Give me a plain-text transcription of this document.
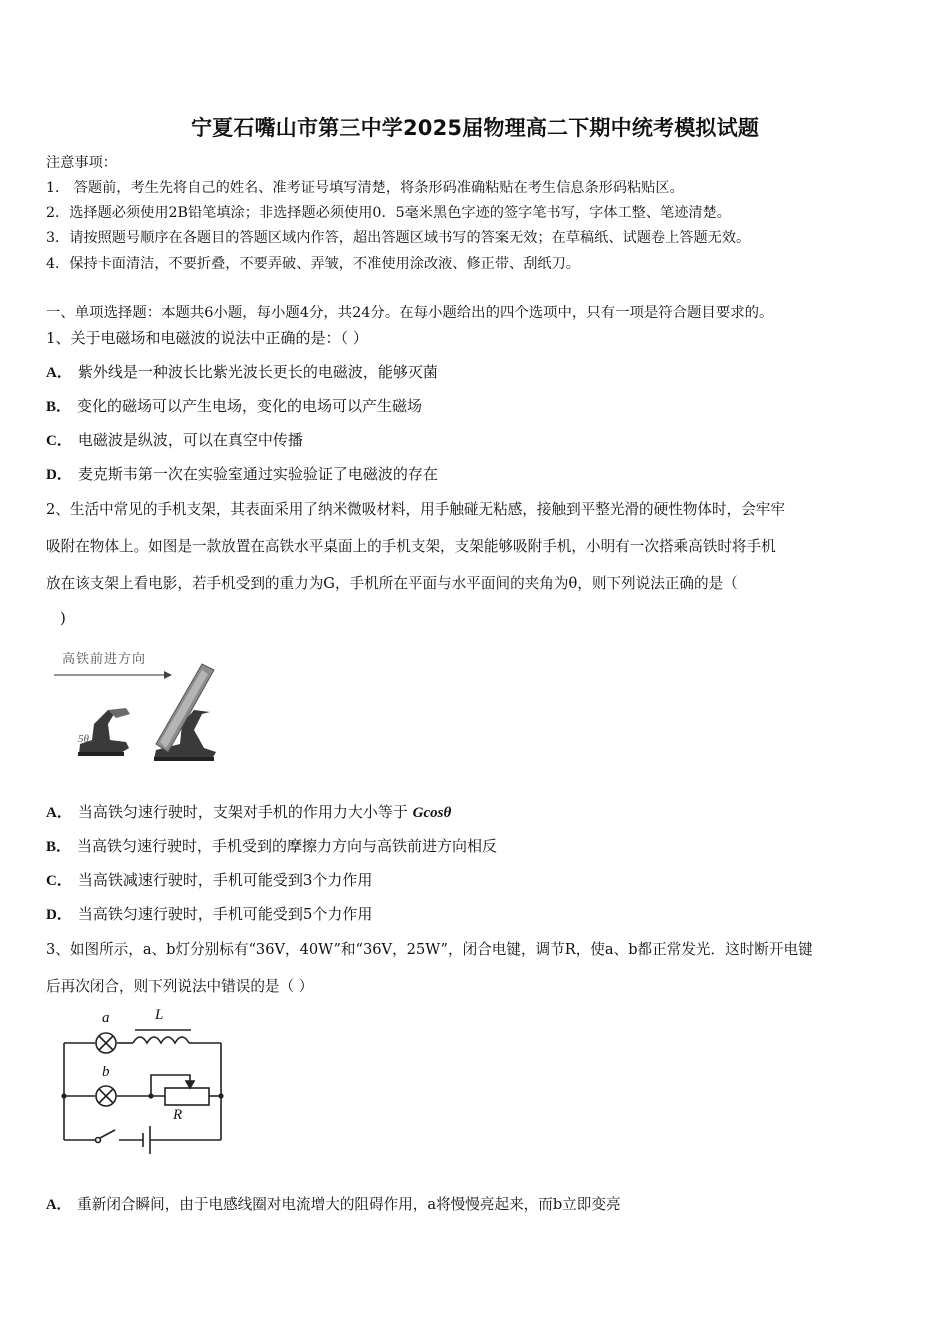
宁夏石嘴山市第三中学2025届物理高二下期中统考模拟试题
注意事项：
1． 答题前，考生先将自己的姓名、准考证号填写清楚，将条形码准确粘贴在考生信息条形码粘贴区。
2．选择题必须使用2B铅笔填涂；非选择题必须使用0．5毫米黑色字迹的签字笔书写，字体工整、笔迹清楚。
3．请按照题号顺序在各题目的答题区域内作答，超出答题区域书写的答案无效；在草稿纸、试题卷上答题无效。
4．保持卡面清洁，不要折叠，不要弄破、弄皱，不准使用涂改液、修正带、刮纸刀。
一、单项选择题：本题共6小题，每小题4分，共24分。在每小题给出的四个选项中，只有一项是符合题目要求的。
1、关于电磁场和电磁波的说法中正确的是：（ ）
A． 紫外线是一种波长比紫光波长更长的电磁波，能够灭菌
B． 变化的磁场可以产生电场，变化的电场可以产生磁场
C． 电磁波是纵波，可以在真空中传播
D． 麦克斯韦第一次在实验室通过实验验证了电磁波的存在
2、生活中常见的手机支架，其表面采用了纳米微吸材料，用手触碰无粘感，接触到平整光滑的硬性物体时，会牢牢
吸附在物体上。如图是一款放置在高铁水平桌面上的手机支架，支架能够吸附手机，小明有一次搭乘高铁时将手机
放在该支架上看电影，若手机受到的重力为G，手机所在平面与水平面间的夹角为θ，则下列说法正确的是（
)
高铁前进方向
5θ..
A． 当高铁匀速行驶时，支架对手机的作用力大小等于 Gcosθ
B． 当高铁匀速行驶时，手机受到的摩擦力方向与高铁前进方向相反
C． 当高铁减速行驶时，手机可能受到3个力作用
D． 当高铁匀速行驶时，手机可能受到5个力作用
3、如图所示，a、b灯分别标有“36V，40W”和“36V，25W”，闭合电键，调节R，使a、b都正常发光．这时断开电键
后再次闭合，则下列说法中错误的是（ ）
a	L
b
R
A． 重新闭合瞬间，由于电感线圈对电流增大的阻碍作用，a将慢慢亮起来，而b立即变亮
